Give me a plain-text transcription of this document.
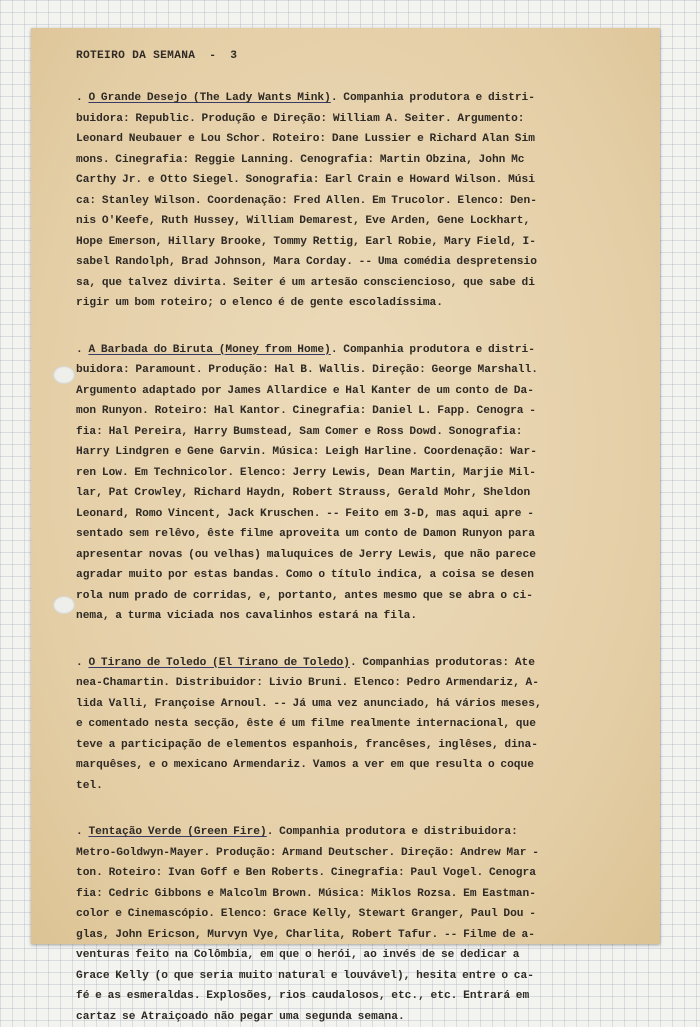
ROTEIRO DA SEMANA  -  3
. O Grande Desejo (The Lady Wants Mink). Companhia produtora e distri-
buidora: Republic. Produção e Direção: William A. Seiter. Argumento:
Leonard Neubauer e Lou Schor. Roteiro: Dane Lussier e Richard Alan Sim
mons. Cinegrafia: Reggie Lanning. Cenografia: Martin Obzina, John Mc
Carthy Jr. e Otto Siegel. Sonografia: Earl Crain e Howard Wilson. Músi
ca: Stanley Wilson. Coordenação: Fred Allen. Em Trucolor. Elenco: Den-
nis O'Keefe, Ruth Hussey, William Demarest, Eve Arden, Gene Lockhart,
Hope Emerson, Hillary Brooke, Tommy Rettig, Earl Robie, Mary Field, I-
sabel Randolph, Brad Johnson, Mara Corday. -- Uma comédia despretensio
sa, que talvez divirta. Seiter é um artesão consciencioso, que sabe di
rigir um bom roteiro; o elenco é de gente escoladíssima.
. A Barbada do Biruta (Money from Home). Companhia produtora e distri-
buidora: Paramount. Produção: Hal B. Wallis. Direção: George Marshall.
Argumento adaptado por James Allardice e Hal Kanter de um conto de Da-
mon Runyon. Roteiro: Hal Kantor. Cinegrafia: Daniel L. Fapp. Cenogra -
fia: Hal Pereira, Harry Bumstead, Sam Comer e Ross Dowd. Sonografia:
Harry Lindgren e Gene Garvin. Música: Leigh Harline. Coordenação: War-
ren Low. Em Technicolor. Elenco: Jerry Lewis, Dean Martin, Marjie Mil-
lar, Pat Crowley, Richard Haydn, Robert Strauss, Gerald Mohr, Sheldon
Leonard, Romo Vincent, Jack Kruschen. -- Feito em 3-D, mas aqui apre -
sentado sem relêvo, êste filme aproveita um conto de Damon Runyon para
apresentar novas (ou velhas) maluquices de Jerry Lewis, que não parece
agradar muito por estas bandas. Como o título indica, a coisa se desen
rola num prado de corridas, e, portanto, antes mesmo que se abra o ci-
nema, a turma viciada nos cavalinhos estará na fila.
. O Tirano de Toledo (El Tirano de Toledo). Companhias produtoras: Ate
nea-Chamartin. Distribuidor: Livio Bruni. Elenco: Pedro Armendariz, A-
lida Valli, Françoise Arnoul. -- Já uma vez anunciado, há vários meses,
e comentado nesta secção, êste é um filme realmente internacional, que
teve a participação de elementos espanhois, francêses, inglêses, dina-
marquêses, e o mexicano Armendariz. Vamos a ver em que resulta o coque
tel.
. Tentação Verde (Green Fire). Companhia produtora e distribuidora:
Metro-Goldwyn-Mayer. Produção: Armand Deutscher. Direção: Andrew Mar -
ton. Roteiro: Ivan Goff e Ben Roberts. Cinegrafia: Paul Vogel. Cenogra
fia: Cedric Gibbons e Malcolm Brown. Música: Miklos Rozsa. Em Eastman-
color e Cinemascópio. Elenco: Grace Kelly, Stewart Granger, Paul Dou -
glas, John Ericson, Murvyn Vye, Charlita, Robert Tafur. -- Filme de a-
venturas feito na Colômbia, em que o herói, ao invés de se dedicar a
Grace Kelly (o que seria muito natural e louvável), hesita entre o ca-
fé e as esmeraldas. Explosões, rios caudalosos, etc., etc. Entrará em
cartaz se Atraiçoado não pegar uma segunda semana.
